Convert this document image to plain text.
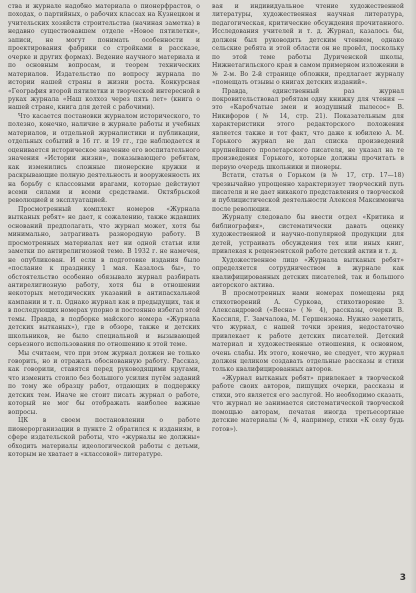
ства и журнале надобно материала о пионерфрастов, о походах, о партийных, о рабочих классах на Кузнецком и учительских хозяйств строительства (начиная заметка) в недавно существовавшем отделе «Новое пятилетки», записи, не могут понимать особенности и проектирования фабрики со стройками в рассказе, очерке и других формах). Ведение научного материала и по основным вопросам, и теорем технических материалов. Издательство по вопросу журнала по истории нашей страны в жизни роста. Конкурсная «География второй пятилетки и творческой интересной в руках журнала «Наш колхоз через пять лет» (книга о нашей стране, книга для детей с рабочими).

Что касается постановки журналом исторического, то полезно, конечно, наличие в журнале работы и учебных материалов, и отдельной журналистики и публикации, отдельных событий в 16 гг. и 19 гг., где наблюдается и оценивается историческое значение его воспитательного значения «Истории жизни», показывающего ребятам, как изменились сложные пионерские кружки и раскрывающие полную деятельность и вооруженность их на борьбу с классовыми врагами, которые действуют всеми силами и всеми средствами. Октябрьской революцией и эксплуатацией.

Просмотренный комплект номеров «Журнала вытканых ребят» не дает, к сожалению, также ждавших оснований предполагать, что журнал может, хотя бы минимально, затрагивать разнородную работу. В просмотренных материалах нет ни одной статьи или заметки по антирелигиозной теме. В 1932 г. не намечен, не опубликован. И если в подготовке издания было «послание к празднику 1 мая. Казалось бы», то обстоятельство особенно обязывало журнал разбирать антирелигиозную работу, хотя бы в отношении некоторых методических указаний в антипасхальной кампании и т. п. Однако журнал как в предыдущих, так и в последующих номерах упорно и постоянно избегал этой темы. Правда, в подборке майского номера «Журнала детских вытканых»), где в обзоре, также и детских школьников, не было специальной и вызывающей серьезного использования по отношению к этой теме.

Мы считаем, что при этом журнал должен не только говорить, но и отражать обоснованную работу. Рассказ, как говорили, ставятся перед руководящими кругами, что изменить стоило без большого усилия путём заданий по тому же образцу работ, отдающих в поддержку детских тем. Иначе не стоит писать журнал о работе, который не мог бы отображать наиболее важные вопросы.

ЦК в своем постановлении о работе пионерорганизации в пункте 2 обратился к изданиям, в сфере издательской работы, что «журналы не должны» обходить материалы идеологической работы с детьми, которым не хватает в «классовой» литературе.

вая и индивидуальное чтение художественной литературы, художественная научная литература, педагогическая, критические обсуждения прочитанного. Исследования учителей и т. д. Журнал, казалось бы, должен был руководить детским чтением, однако сельские ребята и этой области он не провёл, поскольку по этой теме работы Дуриченской школы, Нижнетагильского края в самом примерном изложении в № 2-м. Во 2-й странице обложки, предлагает журналу «помещать отзывы о книгах детских изданий».

Правда, единственный раз журнал покровительствовал ребятам одну книжку для чтения — это «Каробчатые змеи и воздушный пылесос» В. Никифоров (№ 14, стр. 21). Показательным для характеристики этого редакторского положения является также и тот факт, что даже к юбилею А. М. Горького журнал не дал списка произведений крупнейшего пролетарского писателя, не указал на те произведения Горького, которые должны прочитать в первую очередь школьники и пионеры.

Встати, статья о Горьком (в № 17, стр. 17—18) чрезвычайно упрощенно характеризует творческий путь писателя и не дает никакого представления о творческой и публицистической деятельности Алексея Максимовича после революции.

Журналу следовало бы ввести отдел «Критика и библиография», систематически давать оценку художественной и научно-популярной продукции для детей, устраивать обсуждения тех или иных книг, привлекая к рецензентской работе детский актив и т. д.

Художественное лицо «Журнала вытканых ребят» определяется сотрудничеством в журнале как квалифицированных детских писателей, так и большого авторского актива.

В просмотренных нами номерах помещены ряд стихотворений А. Суркова, стихотворение З. Александровой («Весна» (№ 4), рассказы, очерки В. Кассиля, Г. Замчалова, М. Гершензона. Нужно заметить, что журнал, с нашей точки зрения, недостаточно привлекает к работе детских писателей. Детский материал и художественные отношения, к основном, очень слабы. Их этого, конечно, не следует, что журнал должен целиком создавать отдельные рассказы и стихи только квалифицированных авторов.

«Журнал вытканых ребят» привлекает в творческой работе своих авторов, пишущих очерки, рассказы и стихи, это является его заслугой. Но необходимо сказать, что журнал не занимается систематической творческой помощью авторам, печатая иногда третьесортные детские материалы (№ 4, например, стихи «К селу будь готов»).

3
